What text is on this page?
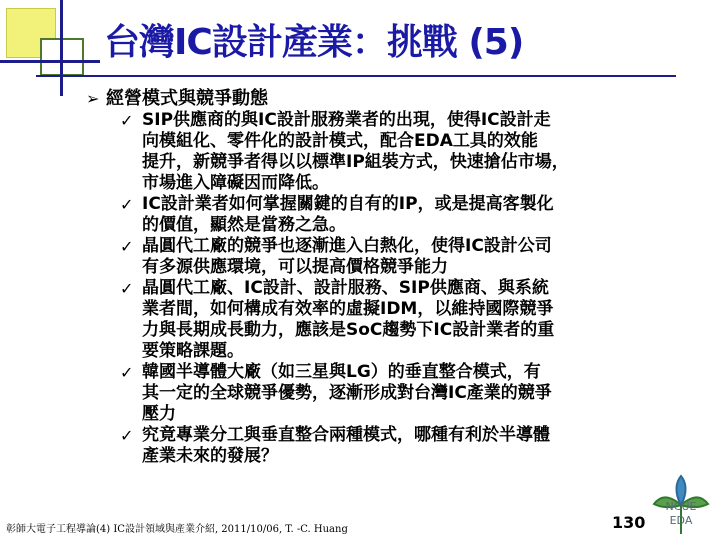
台灣IC設計產業：挑戰 (5)
➢ 經營模式與競爭動態
✓ SIP供應商的與IC設計服務業者的出現，使得IC設計走
向模組化、零件化的設計模式，配合EDA工具的效能
提升，新競爭者得以以標準IP組裝方式，快速搶佔市場，
市場進入障礙因而降低。
✓ IC設計業者如何掌握關鍵的自有的IP，或是提高客製化
的價值，顯然是當務之急。
✓ 晶圓代工廠的競爭也逐漸進入白熱化，使得IC設計公司
有多源供應環境，可以提高價格競爭能力
✓ 晶圓代工廠、IC設計、設計服務、SIP供應商、與系統
業者間，如何構成有效率的虛擬IDM，以維持國際競爭
力與長期成長動力，應該是SoC趨勢下IC設計業者的重
要策略課題。
✓ 韓國半導體大廠（如三星與LG）的垂直整合模式，有
其一定的全球競爭優勢，逐漸形成對台灣IC產業的競爭
壓力
✓ 究竟專業分工與垂直整合兩種模式，哪種有利於半導體
產業未來的發展？
彰師大電子工程導論(4) IC設計領域與產業介紹, 2011/10/06, T. -C. Huang	130
NCUE
EDA
